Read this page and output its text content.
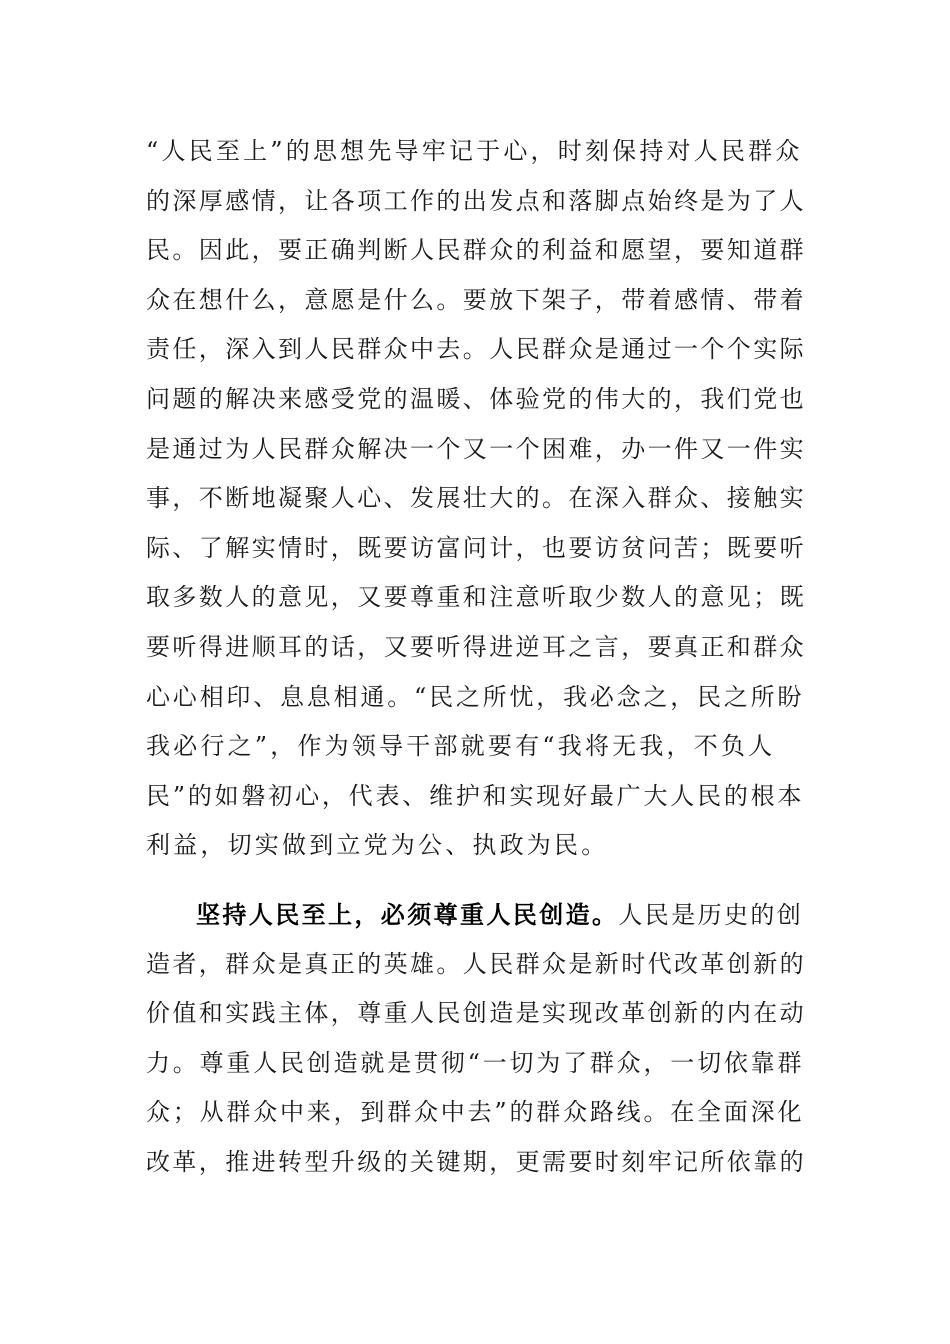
“人民至上”的思想先导牢记于心，时刻保持对人民群众
的深厚感情，让各项工作的出发点和落脚点始终是为了人
民。因此，要正确判断人民群众的利益和愿望，要知道群
众在想什么，意愿是什么。要放下架子，带着感情、带着
责任，深入到人民群众中去。人民群众是通过一个个实际
问题的解决来感受党的温暖、体验党的伟大的，我们党也
是通过为人民群众解决一个又一个困难，办一件又一件实
事，不断地凝聚人心、发展壮大的。在深入群众、接触实
际、了解实情时，既要访富问计，也要访贫问苦；既要听
取多数人的意见，又要尊重和注意听取少数人的意见；既
要听得进顺耳的话，又要听得进逆耳之言，要真正和群众
心心相印、息息相通。“民之所忧，我必念之，民之所盼
我必行之”，作为领导干部就要有“我将无我，不负人
民”的如磐初心，代表、维护和实现好最广大人民的根本
利益，切实做到立党为公、执政为民。
坚持人民至上，必须尊重人民创造。人民是历史的创
造者，群众是真正的英雄。人民群众是新时代改革创新的
价值和实践主体，尊重人民创造是实现改革创新的内在动
力。尊重人民创造就是贯彻“一切为了群众，一切依靠群
众；从群众中来，到群众中去”的群众路线。在全面深化
改革，推进转型升级的关键期，更需要时刻牢记所依靠的
